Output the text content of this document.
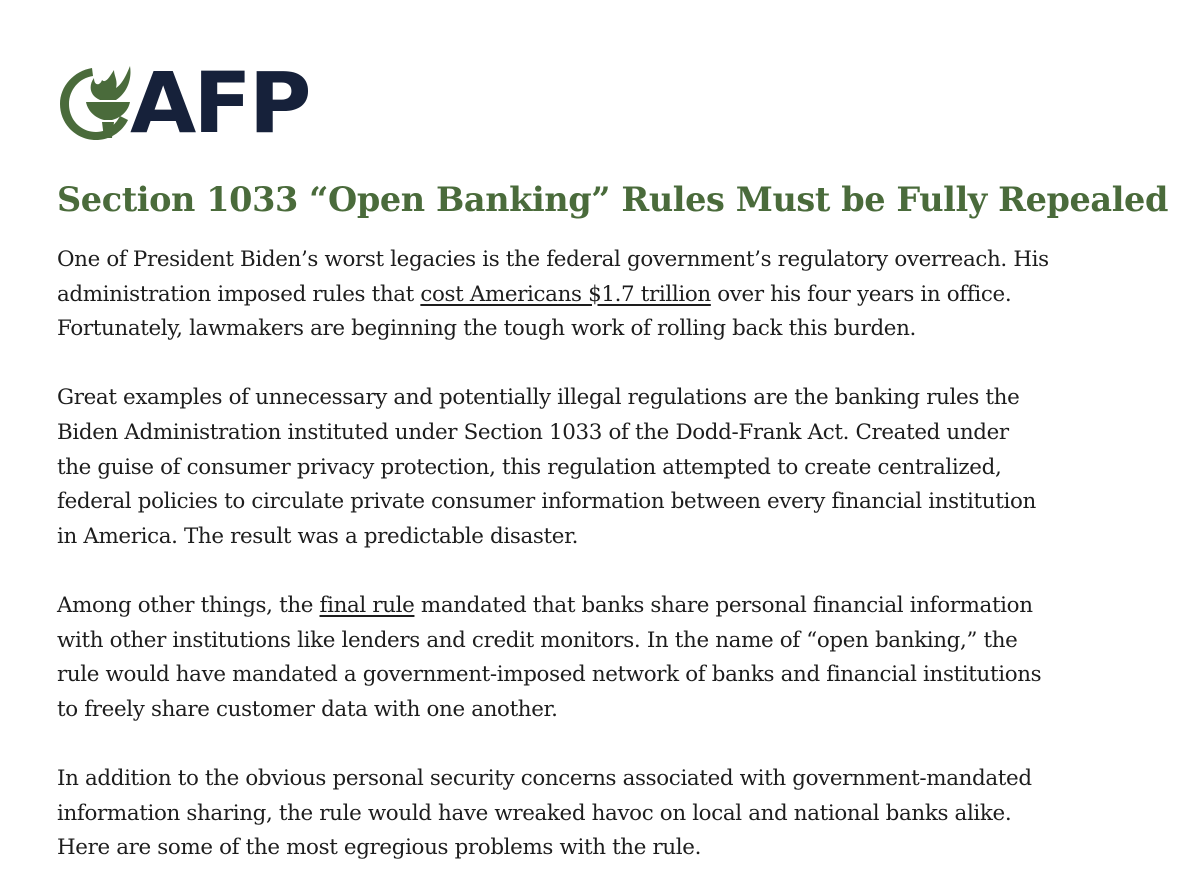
AFP
Section 1033 “Open Banking” Rules Must be Fully Repealed

One of President Biden’s worst legacies is the federal government’s regulatory overreach. His
administration imposed rules that cost Americans $1.7 trillion over his four years in office.
Fortunately, lawmakers are beginning the tough work of rolling back this burden.

Great examples of unnecessary and potentially illegal regulations are the banking rules the
Biden Administration instituted under Section 1033 of the Dodd-Frank Act. Created under
the guise of consumer privacy protection, this regulation attempted to create centralized,
federal policies to circulate private consumer information between every financial institution
in America. The result was a predictable disaster.

Among other things, the final rule mandated that banks share personal financial information
with other institutions like lenders and credit monitors. In the name of “open banking,” the
rule would have mandated a government-imposed network of banks and financial institutions
to freely share customer data with one another.

In addition to the obvious personal security concerns associated with government-mandated
information sharing, the rule would have wreaked havoc on local and national banks alike.
Here are some of the most egregious problems with the rule.
